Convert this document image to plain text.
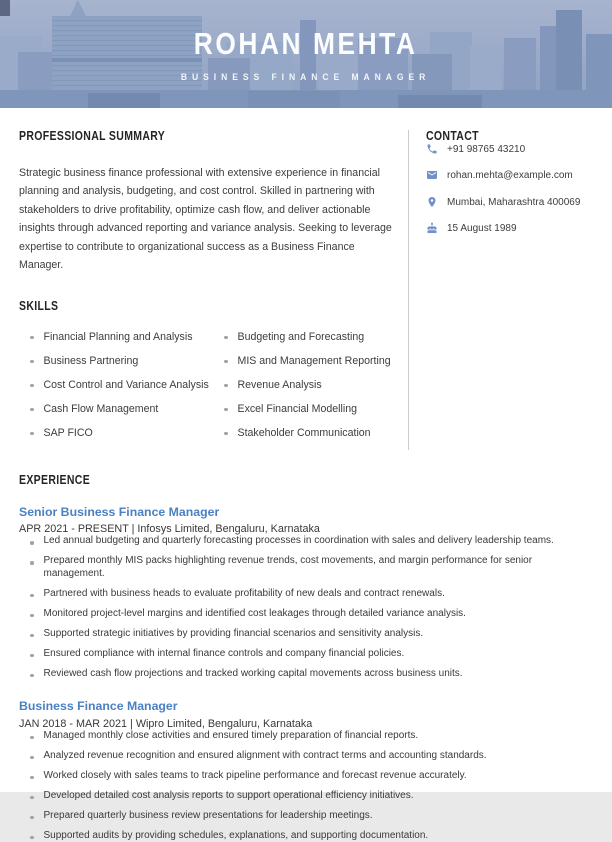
ROHAN MEHTA
BUSINESS FINANCE MANAGER
PROFESSIONAL SUMMARY

Strategic business finance professional with extensive experience in financial planning and analysis, budgeting, and cost control. Skilled in partnering with stakeholders to drive profitability, optimize cash flow, and deliver actionable insights through advanced reporting and variance analysis. Seeking to leverage expertise to contribute to organizational success as a Business Finance Manager.

SKILLS
Financial Planning and Analysis
Business Partnering
Cost Control and Variance Analysis
Cash Flow Management
SAP FICO
Budgeting and Forecasting
MIS and Management Reporting
Revenue Analysis
Excel Financial Modelling
Stakeholder Communication
CONTACT
+91 98765 43210
rohan.mehta@example.com
Mumbai, Maharashtra 400069
15 August 1989
EXPERIENCE
Senior Business Finance Manager
APR 2021 - PRESENT | Infosys Limited, Bengaluru, Karnataka
Led annual budgeting and quarterly forecasting processes in coordination with sales and delivery leadership teams.
Prepared monthly MIS packs highlighting revenue trends, cost movements, and margin performance for senior management.
Partnered with business heads to evaluate profitability of new deals and contract renewals.
Monitored project-level margins and identified cost leakages through detailed variance analysis.
Supported strategic initiatives by providing financial scenarios and sensitivity analysis.
Ensured compliance with internal finance controls and company financial policies.
Reviewed cash flow projections and tracked working capital movements across business units.
Business Finance Manager
JAN 2018 - MAR 2021 | Wipro Limited, Bengaluru, Karnataka
Managed monthly close activities and ensured timely preparation of financial reports.
Analyzed revenue recognition and ensured alignment with contract terms and accounting standards.
Worked closely with sales teams to track pipeline performance and forecast revenue accurately.
Developed detailed cost analysis reports to support operational efficiency initiatives.
Prepared quarterly business review presentations for leadership meetings.
Supported audits by providing schedules, explanations, and supporting documentation.
